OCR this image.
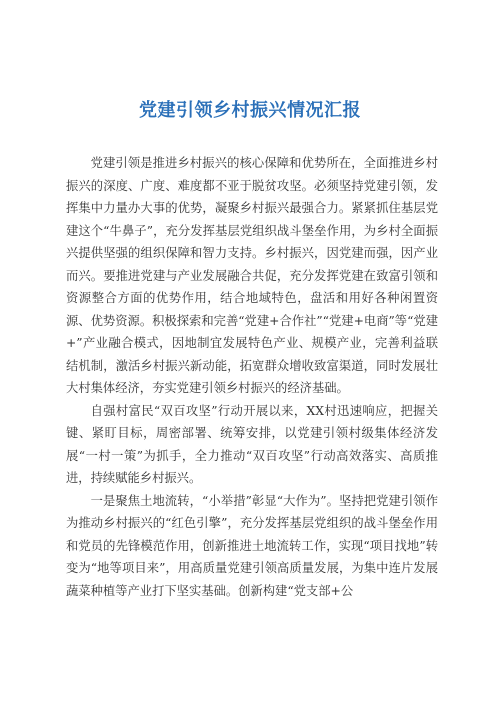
党建引领乡村振兴情况汇报

党建引领是推进乡村振兴的核心保障和优势所在，全面推进乡村振兴的深度、广度、难度都不亚于脱贫攻坚。必须坚持党建引领，发挥集中力量办大事的优势，凝聚乡村振兴最强合力。紧紧抓住基层党建这个“牛鼻子”，充分发挥基层党组织战斗堡垒作用，为乡村全面振兴提供坚强的组织保障和智力支持。乡村振兴，因党建而强，因产业而兴。要推进党建与产业发展融合共促，充分发挥党建在致富引领和资源整合方面的优势作用，结合地域特色，盘活和用好各种闲置资源、优势资源。积极探索和完善“党建+合作社”“党建+电商”等“党建+”产业融合模式，因地制宜发展特色产业、规模产业，完善利益联结机制，激活乡村振兴新动能，拓宽群众增收致富渠道，同时发展壮大村集体经济，夯实党建引领乡村振兴的经济基础。

自强村富民“双百攻坚”行动开展以来，XX村迅速响应，把握关键、紧盯目标，周密部署、统筹安排，以党建引领村级集体经济发展“一村一策”为抓手，全力推动“双百攻坚”行动高效落实、高质推进，持续赋能乡村振兴。

一是聚焦土地流转，“小举措”彰显“大作为”。坚持把党建引领作为推动乡村振兴的“红色引擎”，充分发挥基层党组织的战斗堡垒作用和党员的先锋模范作用，创新推进土地流转工作，实现“项目找地”转变为“地等项目来”，用高质量党建引领高质量发展，为集中连片发展蔬菜种植等产业打下坚实基础。创新构建“党支部+公
